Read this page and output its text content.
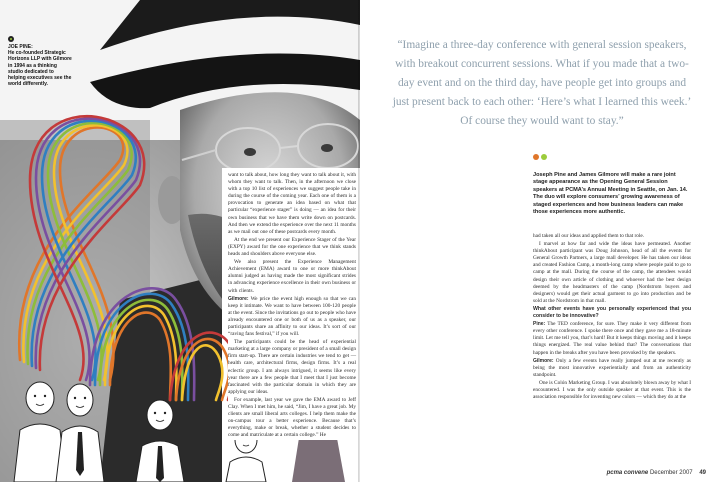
JOE PINE:
He co-founded Strategic Horizons LLP with Gilmore in 1994 as a thinking studio dedicated to helping executives see the world differently.

want to talk about, how long they want to talk about it, with whom they want to talk. Then, in the afternoon we close with a top 10 list of experiences we suggest people take in during the course of the coming year. Each one of them is a provocation to generate an idea based on what that particular “experience stager” is doing — an idea for their own business that we have them write down on postcards. And then we extend the experience over the next 11 months as we mail out one of these postcards every month.

At the end we present our Experience Stager of the Year (EXPY) award for the one experience that we think stands heads and shoulders above everyone else.

We also present the Experience Management Achievement (EMA) award to one or more thinkAbout alumni judged as having made the most significant strides in advancing experience excellence in their own business or with clients.

Gilmore: We price the event high enough so that we can keep it intimate. We want to have between 100-120 people at the event. Since the invitations go out to people who have already encountered one or both of us as a speaker, our participants share an affinity to our ideas. It’s sort of our “raving fans festival,” if you will.

The participants could be the head of experiential marketing at a large company or president of a small design firm start-up. There are certain industries we tend to get — health care, architectural firms, design firms. It’s a real eclectic group. I am always intrigued, it seems like every year there are a few people that I meet that I just become fascinated with the particular domain in which they are applying our ideas.

For example, last year we gave the EMA award to Jeff Clay. When I met him, he said, “Jim, I have a great job. My clients are small liberal arts colleges. I help them make the on-campus tour a better experience. Because that’s everything, make or break, whether a student decides to come and matriculate at a certain college.” He

“Imagine a three-day conference with general session speakers, with breakout concurrent sessions. What if you made that a two-day event and on the third day, have people get into groups and just present back to each other: ‘Here’s what I learned this week.’ Of course they would want to stay.”
Joseph Pine and James Gilmore will make a rare joint stage appearance as the Opening General Session speakers at PCMA’s Annual Meeting in Seattle, on Jan. 14. The duo will explore consumers’ growing awareness of staged experiences and how business leaders can make those experiences more authentic.

had taken all our ideas and applied them to that role.

I marvel at how far and wide the ideas have permeated. Another thinkAbout participant was Doug Johnson, head of all the events for General Growth Partners, a large mall developer. He has taken our ideas and created Fashion Camp, a month-long camp where people paid to go to camp at the mall. During the course of the camp, the attendees would design their own article of clothing and whoever had the best design deemed by the headmasters of the camp (Nordstrom buyers and designers) would get their actual garment to go into production and be sold at the Nordstrom in that mall.

What other events have you personally experienced that you consider to be innovative?

Pine: The TED conference, for sure. They make it very different from every other conference. I spoke there once and they gave me a 18-minute limit. Let me tell you, that’s hard! But it keeps things moving and it keeps things energized. The real value behind that? The conversations that happen in the breaks after you have been provoked by the speakers.

Gilmore: Only a few events have really jumped out at me recently as being the most innovative experientially and from an authenticity standpoint.

One is Colón Marketing Group. I was absolutely blown away by what I encountered. I was the only outside speaker at that event. This is the association responsible for inventing new colors — which they do at the

pcma convene December 2007 49
